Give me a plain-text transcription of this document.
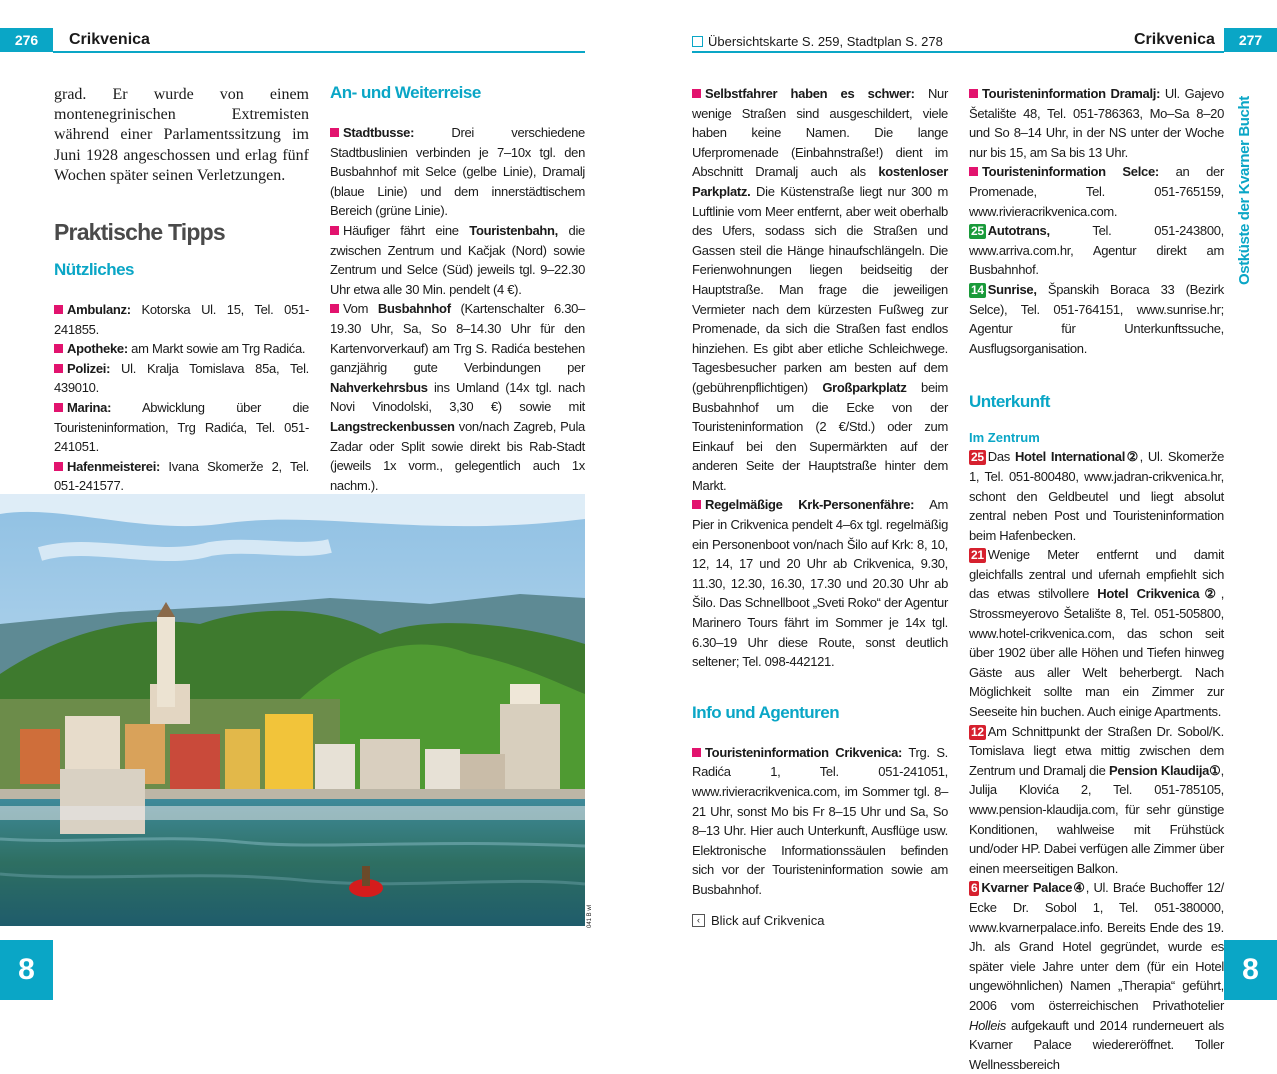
276 Crikvenica

grad. Er wurde von einem montenegrinischen Extremisten während einer Parlamentssitzung im Juni 1928 angeschossen und erlag fünf Wochen später seinen Verletzungen.

Praktische Tipps
Nützliches

Ambulanz: Kotorska Ul. 15, Tel. 051-241855.

Apotheke: am Markt sowie am Trg Radića.

Polizei: Ul. Kralja Tomislava 85a, Tel. 439010.

Marina: Abwicklung über die Touristeninformation, Trg Radića, Tel. 051-241051.

Hafenmeisterei: Ivana Skomerže 2, Tel. 051-241577.

An- und Weiterreise

Stadtbusse: Drei verschiedene Stadtbuslinien verbinden je 7–10x tgl. den Busbahnhof mit Selce (gelbe Linie), Dramalj (blaue Linie) und dem innerstädtischem Bereich (grüne Linie).

Häufiger fährt eine Touristenbahn, die zwischen Zentrum und Kačjak (Nord) sowie Zentrum und Selce (Süd) jeweils tgl. 9–22.30 Uhr etwa alle 30 Min. pendelt (4 €).

Vom Busbahnhof (Kartenschalter 6.30–19.30 Uhr, Sa, So 8–14.30 Uhr für den Kartenvorverkauf) am Trg S. Radića bestehen ganzjährig gute Verbindungen per Nahverkehrsbus ins Umland (14x tgl. nach Novi Vinodolski, 3,30 €) sowie mit Langstreckenbussen von/nach Zagreb, Pula Zadar oder Split sowie direkt bis Rab-Stadt (jeweils 1x vorm., gelegentlich auch 1x nachm.).

041 B wl
8
Übersichtskarte S. 259, Stadtplan S. 278	Crikvenica 277
Ostküste der Kvarner Bucht

Selbstfahrer haben es schwer: Nur wenige Straßen sind ausgeschildert, viele haben keine Namen. Die lange Uferpromenade (Einbahnstraße!) dient im Abschnitt Dramalj auch als kostenloser Parkplatz. Die Küstenstraße liegt nur 300 m Luftlinie vom Meer entfernt, aber weit oberhalb des Ufers, sodass sich die Straßen und Gassen steil die Hänge hinaufschlängeln. Die Ferienwohnungen liegen beidseitig der Hauptstraße. Man frage die jeweiligen Vermieter nach dem kürzesten Fußweg zur Promenade, da sich die Straßen fast endlos hinziehen. Es gibt aber etliche Schleichwege. Tagesbesucher parken am besten auf dem (gebührenpflichtigen) Großparkplatz beim Busbahnhof um die Ecke von der Touristeninformation (2 €/Std.) oder zum Einkauf bei den Supermärkten auf der anderen Seite der Hauptstraße hinter dem Markt.

Regelmäßige Krk-Personenfähre: Am Pier in Crikvenica pendelt 4–6x tgl. regelmäßig ein Personenboot von/nach Šilo auf Krk: 8, 10, 12, 14, 17 und 20 Uhr ab Crikvenica, 9.30, 11.30, 12.30, 16.30, 17.30 und 20.30 Uhr ab Šilo. Das Schnellboot „Sveti Roko“ der Agentur Marinero Tours fährt im Sommer je 14x tgl. 6.30–19 Uhr diese Route, sonst deutlich seltener; Tel. 098-442121.

Info und Agenturen

Touristeninformation Crikvenica: Trg. S. Radića 1, Tel. 051-241051, www.rivieracrikvenica.com, im Sommer tgl. 8–21 Uhr, sonst Mo bis Fr 8–15 Uhr und Sa, So 8–13 Uhr. Hier auch Unterkunft, Ausflüge usw. Elektronische Informationssäulen befinden sich vor der Touristeninformation sowie am Busbahnhof.

‹ Blick auf Crikvenica

Touristeninformation Dramalj: Ul. Gajevo Šetalište 48, Tel. 051-786363, Mo–Sa 8–20 und So 8–14 Uhr, in der NS unter der Woche nur bis 15, am Sa bis 13 Uhr.

Touristeninformation Selce: an der Promenade, Tel. 051-765159, www.rivieracrikvenica.com.

25 Autotrans, Tel. 051-243800, www.arriva.com.hr, Agentur direkt am Busbahnhof.

14 Sunrise, Španskih Boraca 33 (Bezirk Selce), Tel. 051-764151, www.sunrise.hr; Agentur für Unterkunftssuche, Ausflugsorganisation.

Unterkunft
Im Zentrum

25 Das Hotel International②, Ul. Skomerže 1, Tel. 051-800480, www.jadran-crikvenica.hr, schont den Geldbeutel und liegt absolut zentral neben Post und Touristeninformation beim Hafenbecken.

21 Wenige Meter entfernt und damit gleichfalls zentral und ufernah empfiehlt sich das etwas stilvollere Hotel Crikvenica②, Strossmeyerovo Šetalište 8, Tel. 051-505800, www.hotel-crikvenica.com, das schon seit über 1902 über alle Höhen und Tiefen hinweg Gäste aus aller Welt beherbergt. Nach Möglichkeit sollte man ein Zimmer zur Seeseite hin buchen. Auch einige Apartments.

12 Am Schnittpunkt der Straßen Dr. Sobol/K. Tomislava liegt etwa mittig zwischen dem Zentrum und Dramalj die Pension Klaudija①, Julija Klovića 2, Tel. 051-785105, www.pension-klaudija.com, für sehr günstige Konditionen, wahlweise mit Frühstück und/oder HP. Dabei verfügen alle Zimmer über einen meerseitigen Balkon.

6 Kvarner Palace④, Ul. Braće Buchoffer 12/ Ecke Dr. Sobol 1, Tel. 051-380000, www.kvarnerpalace.info. Bereits Ende des 19. Jh. als Grand Hotel gegründet, wurde es später viele Jahre unter dem (für ein Hotel ungewöhnlichen) Namen „Therapia“ geführt, 2006 vom österreichischen Privathotelier Holleis aufgekauft und 2014 runderneuert als Kvarner Palace wiedereröffnet. Toller Wellnessbereich

8
